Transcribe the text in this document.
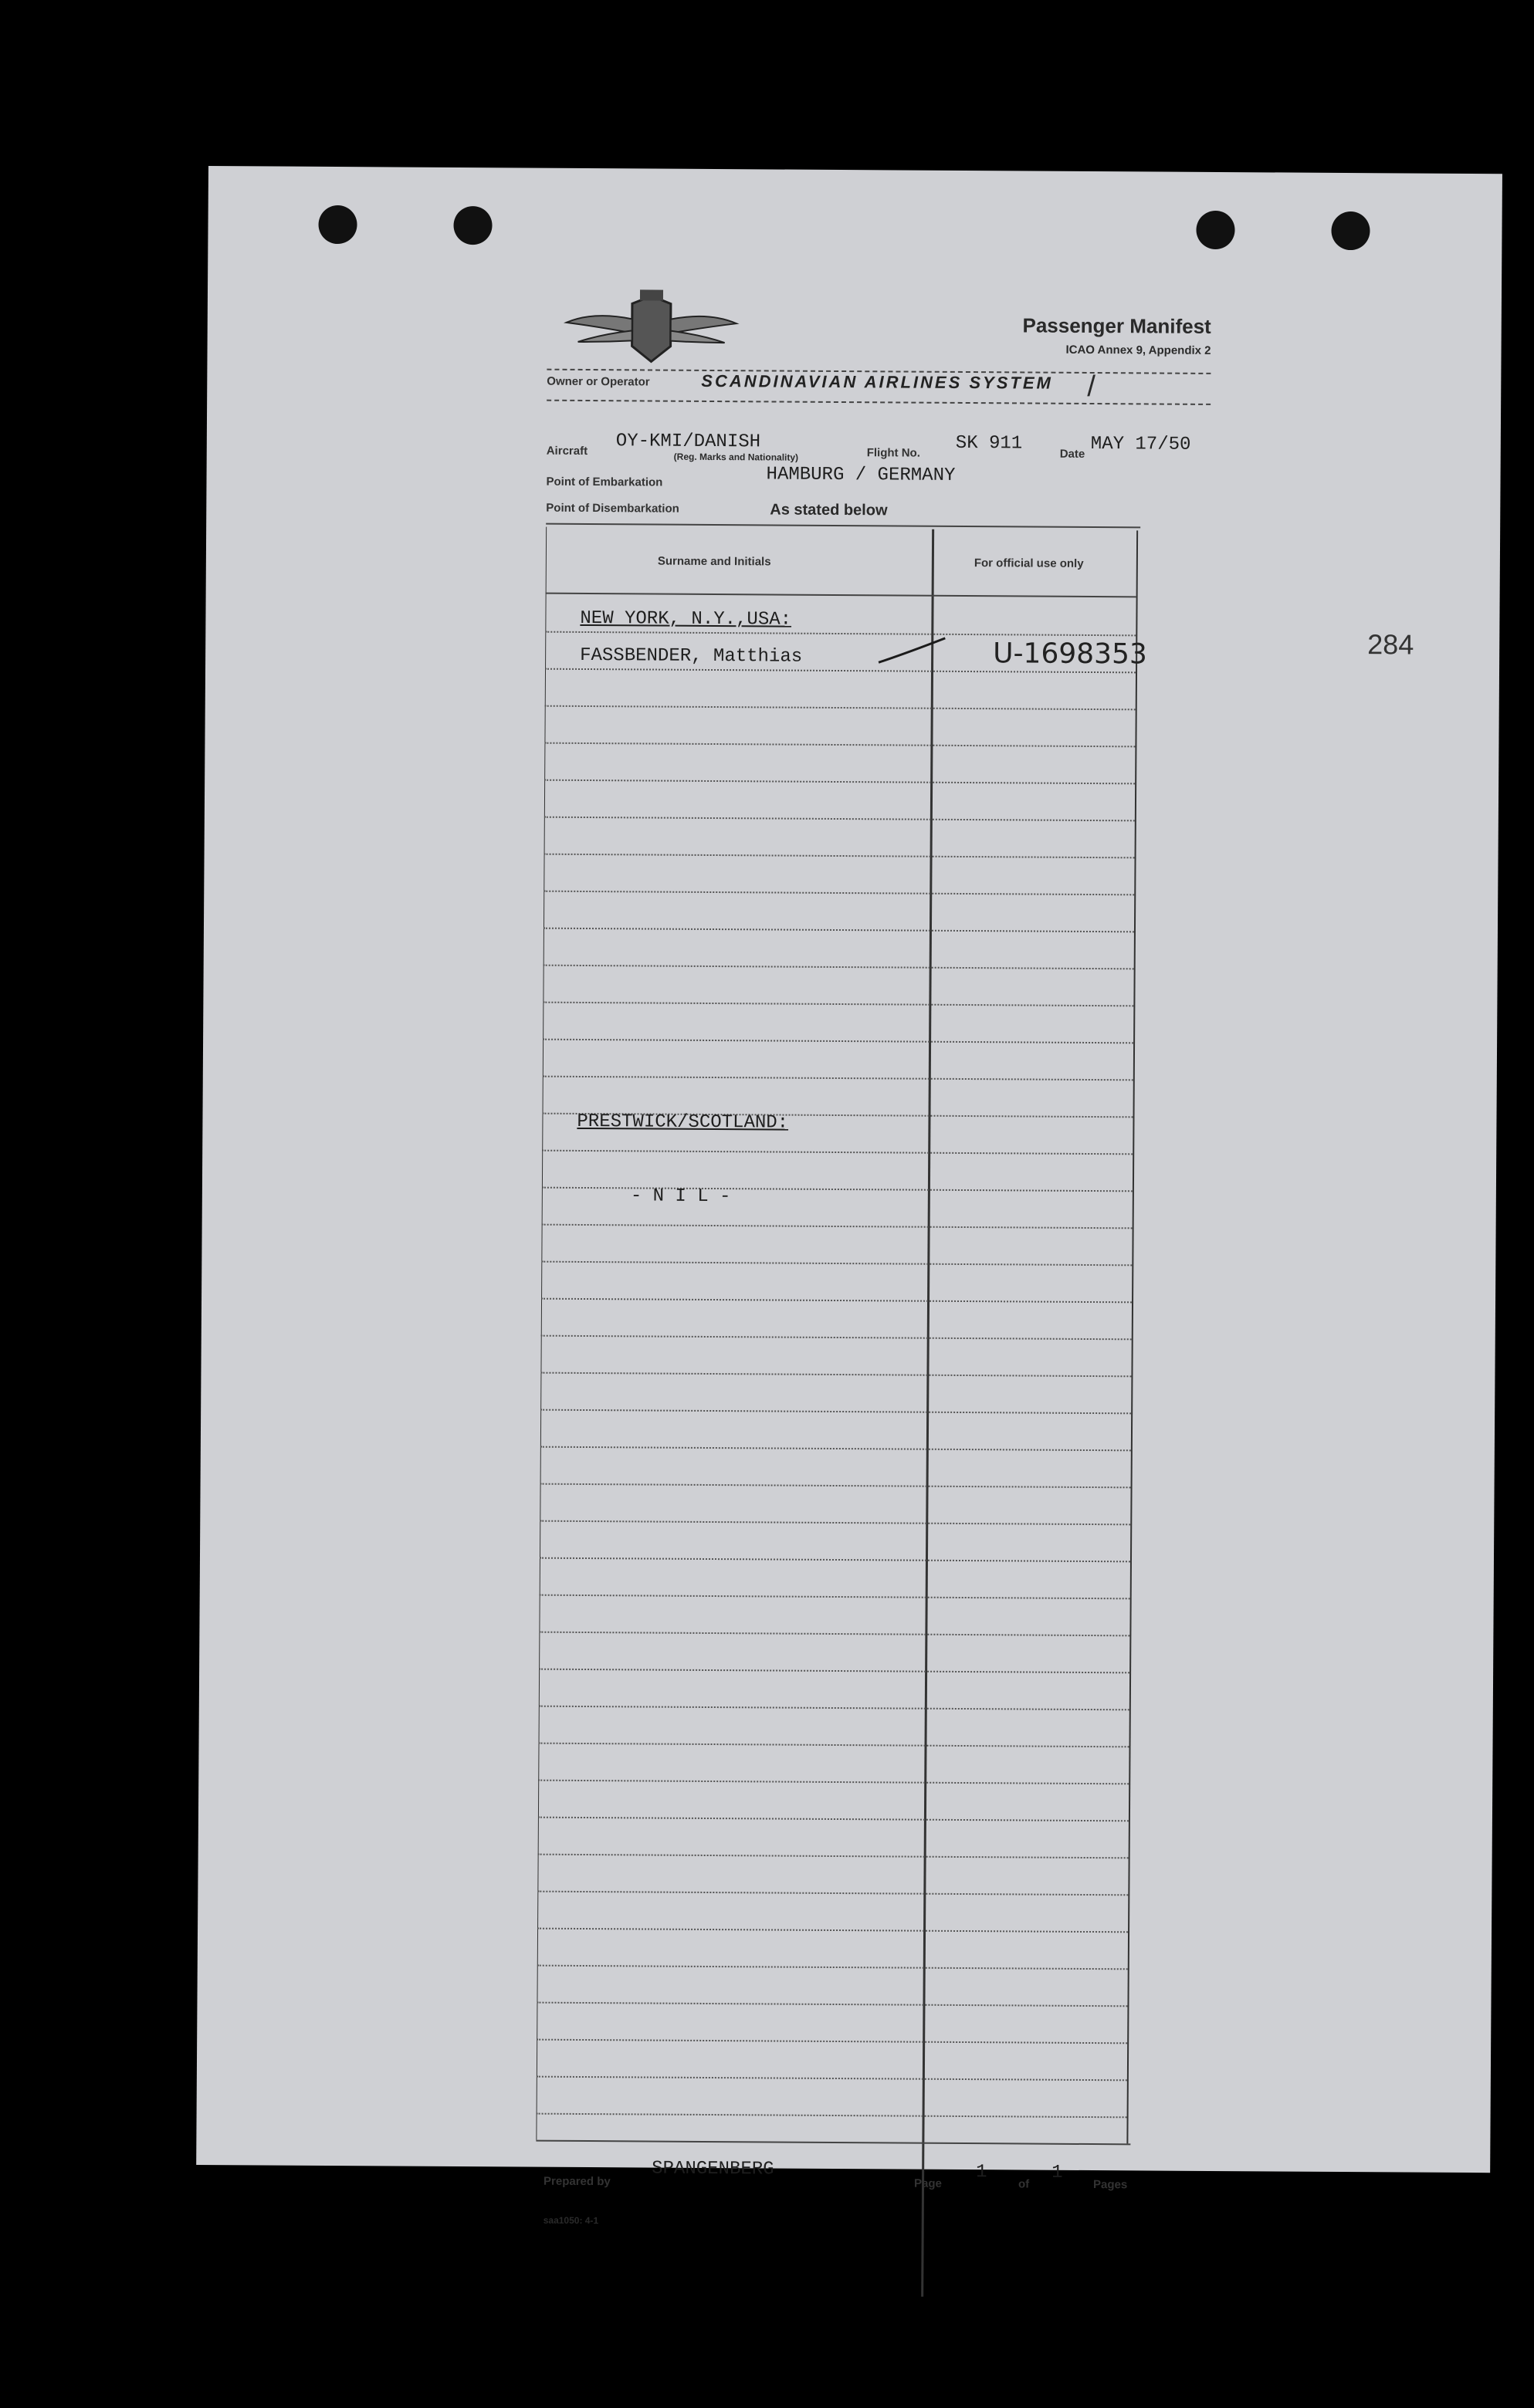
284
Passenger Manifest
ICAO Annex 9, Appendix 2
Owner or Operator	SCANDINAVIAN AIRLINES SYSTEM /
Aircraft OY-KMI/DANISH
(Reg. Marks and Nationality)	Flight No. SK 911	Date MAY 17/50
Point of Embarkation	HAMBURG / GERMANY
Point of Disembarkation	As stated below
Surname and Initials	For official use only
NEW YORK, N.Y.,USA:
FASSBENDER, Matthias	U-1698353
PRESTWICK/SCOTLAND:
- N I L -
Prepared by
SPANGENBERG
Page
1
of
1
Pages
saa1050: 4-1
